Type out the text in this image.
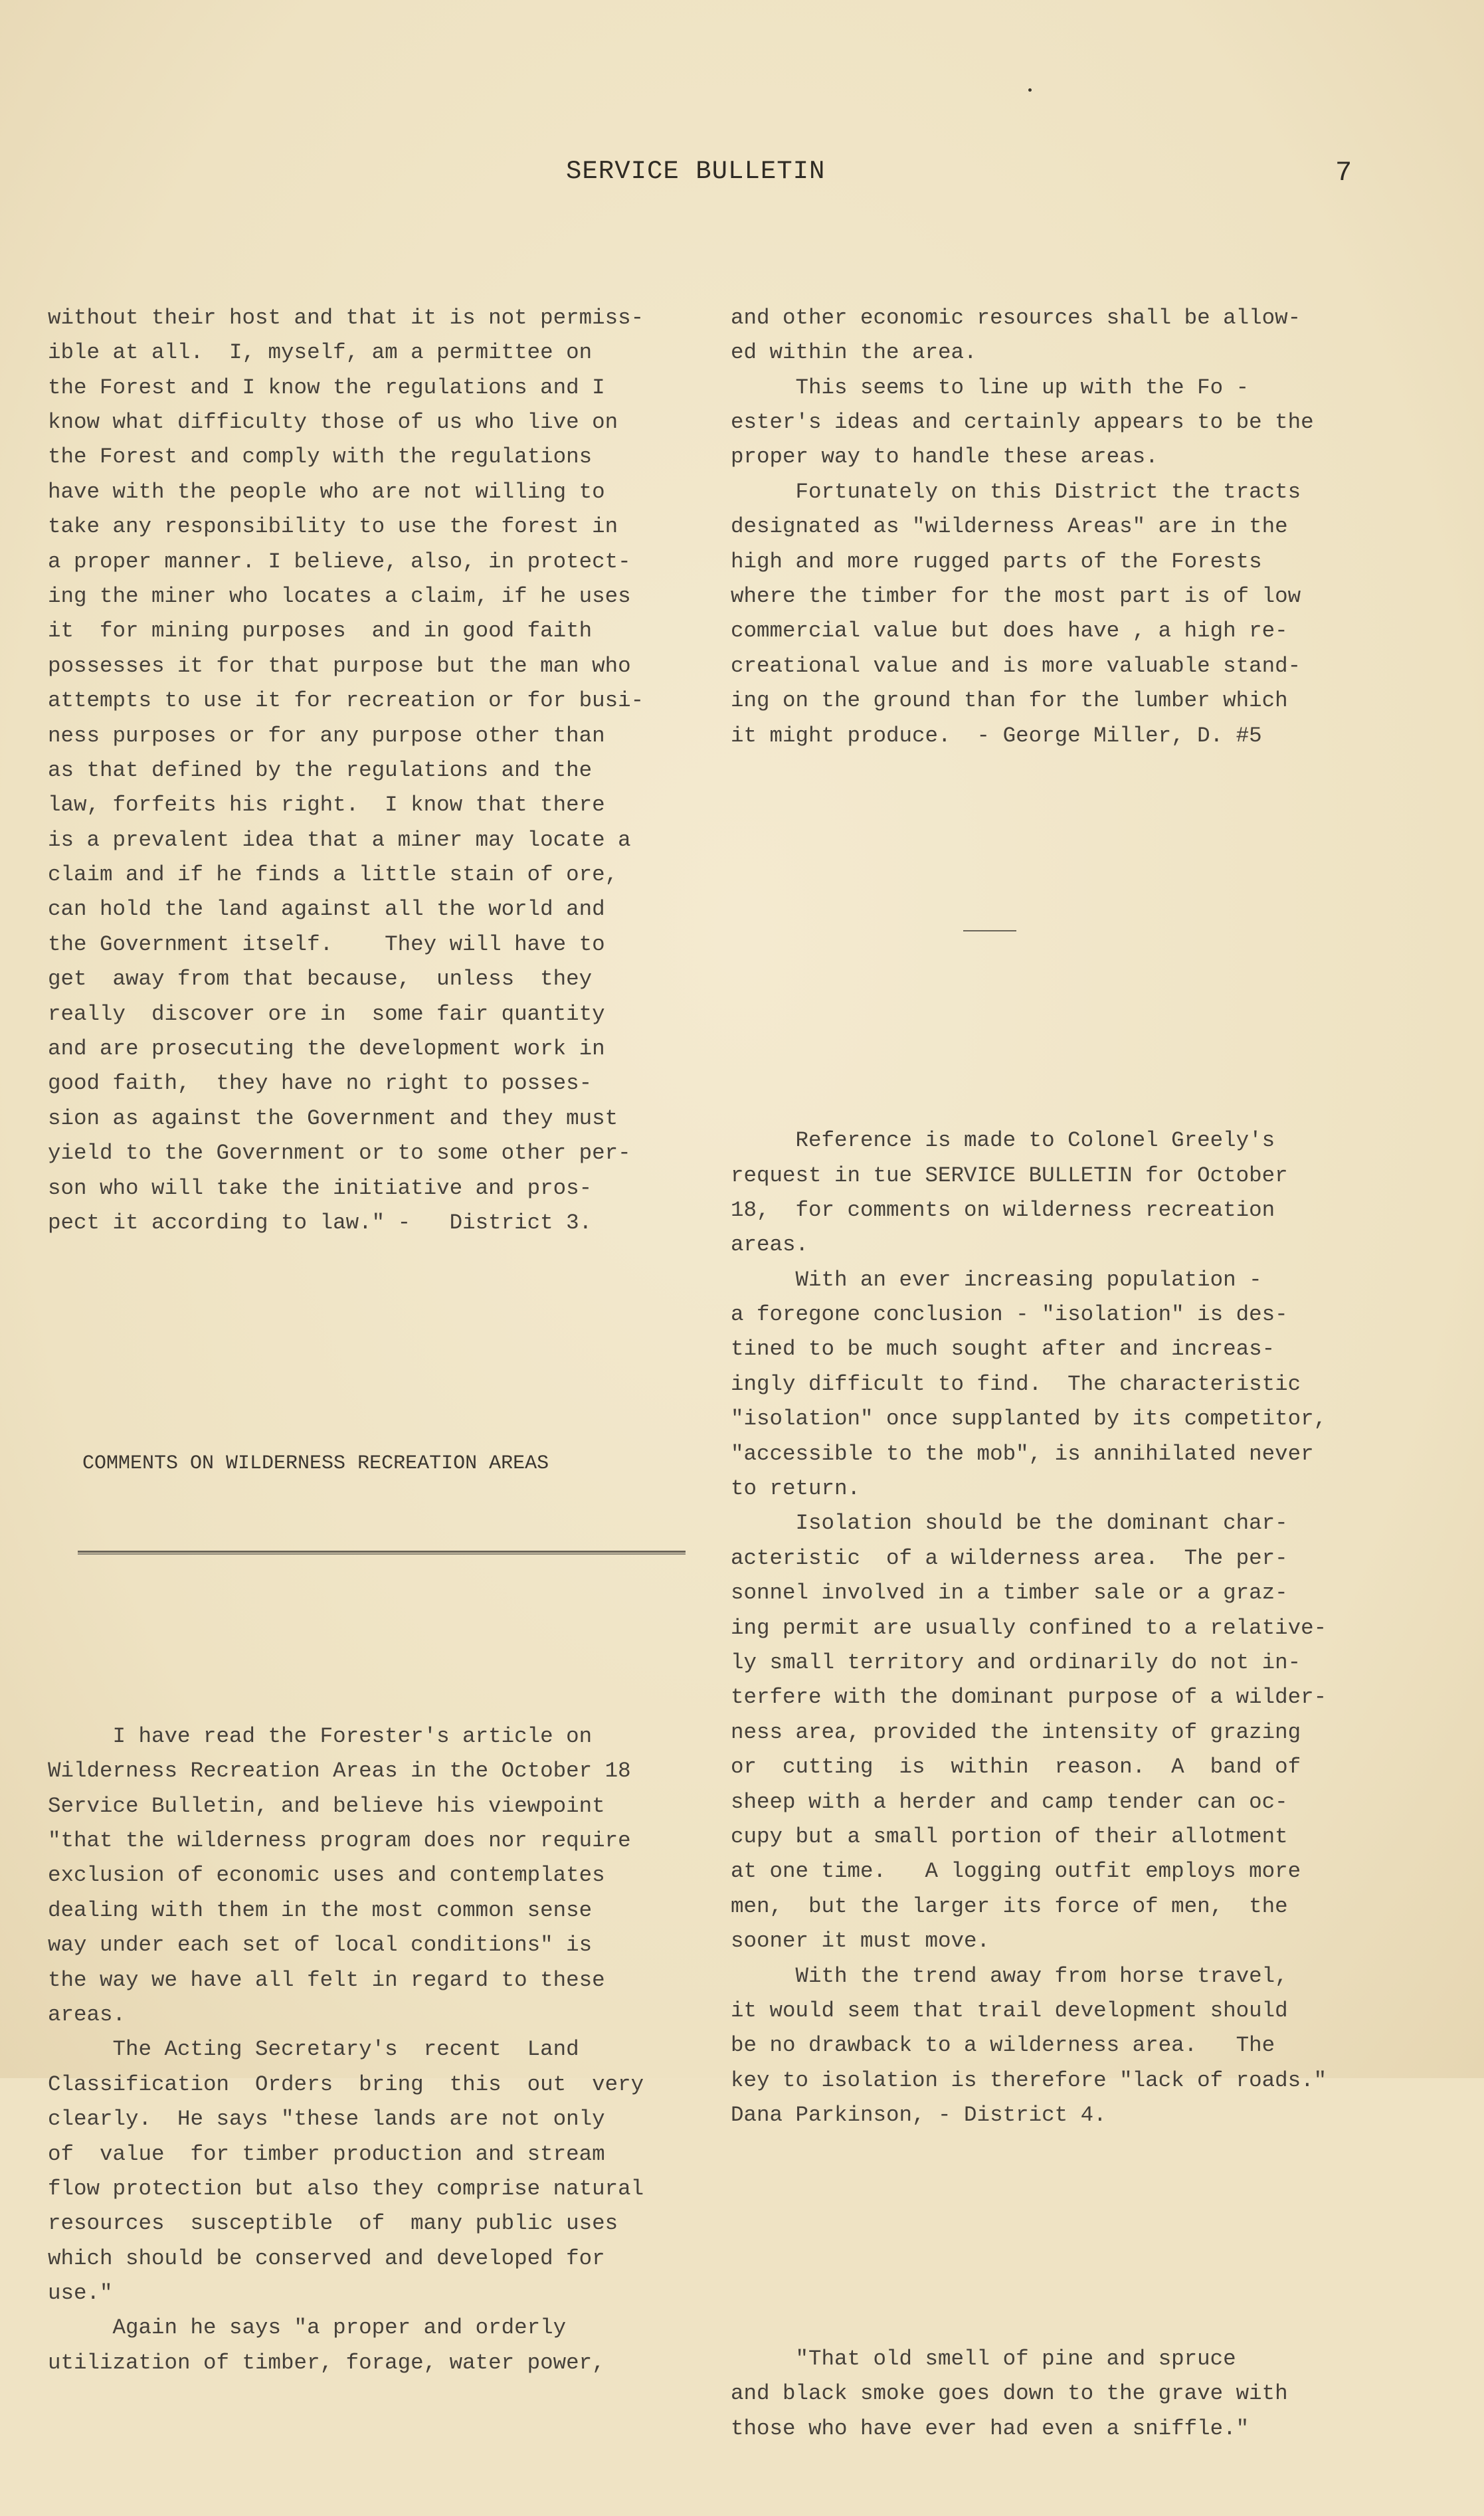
SERVICE BULLETIN	7

without their host and that it is not permiss-
ible at all.  I, myself, am a permittee on
the Forest and I know the regulations and I
know what difficulty those of us who live on
the Forest and comply with the regulations
have with the people who are not willing to
take any responsibility to use the forest in
a proper manner. I believe, also, in protect-
ing the miner who locates a claim, if he uses
it  for mining purposes  and in good faith
possesses it for that purpose but the man who
attempts to use it for recreation or for busi-
ness purposes or for any purpose other than
as that defined by the regulations and the
law, forfeits his right.  I know that there
is a prevalent idea that a miner may locate a
claim and if he finds a little stain of ore,
can hold the land against all the world and
the Government itself.    They will have to
get  away from that because,  unless  they
really  discover ore in  some fair quantity
and are prosecuting the development work in
good faith,  they have no right to posses-
sion as against the Government and they must
yield to the Government or to some other per-
son who will take the initiative and pros-
pect it according to law." -   District 3.

COMMENTS ON WILDERNESS RECREATION AREAS

I have read the Forester's article on
Wilderness Recreation Areas in the October 18
Service Bulletin, and believe his viewpoint
"that the wilderness program does nor require
exclusion of economic uses and contemplates
dealing with them in the most common sense
way under each set of local conditions" is
the way we have all felt in regard to these
areas.
The Acting Secretary's  recent  Land
Classification  Orders  bring  this  out  very
clearly.  He says "these lands are not only
of  value  for timber production and stream
flow protection but also they comprise natural
resources  susceptible  of  many public uses
which should be conserved and developed for
use."
Again he says "a proper and orderly
utilization of timber, forage, water power,

and other economic resources shall be allow-
ed within the area.
This seems to line up with the Fo -
ester's ideas and certainly appears to be the
proper way to handle these areas.
Fortunately on this District the tracts
designated as "wilderness Areas" are in the
high and more rugged parts of the Forests
where the timber for the most part is of low
commercial value but does have , a high re-
creational value and is more valuable stand-
ing on the ground than for the lumber which
it might produce.  - George Miller, D. #5

Reference is made to Colonel Greely's
request in tue SERVICE BULLETIN for October
18,  for comments on wilderness recreation
areas.
With an ever increasing population -
a foregone conclusion - "isolation" is des-
tined to be much sought after and increas-
ingly difficult to find.  The characteristic
"isolation" once supplanted by its competitor,
"accessible to the mob", is annihilated never
to return.
Isolation should be the dominant char-
acteristic  of a wilderness area.  The per-
sonnel involved in a timber sale or a graz-
ing permit are usually confined to a relative-
ly small territory and ordinarily do not in-
terfere with the dominant purpose of a wilder-
ness area, provided the intensity of grazing
or  cutting  is  within  reason.  A  band of
sheep with a herder and camp tender can oc-
cupy but a small portion of their allotment
at one time.   A logging outfit employs more
men,  but the larger its force of men,  the
sooner it must move.
With the trend away from horse travel,
it would seem that trail development should
be no drawback to a wilderness area.   The
key to isolation is therefore "lack of roads."
Dana Parkinson, - District 4.

"That old smell of pine and spruce
and black smoke goes down to the grave with
those who have ever had even a sniffle."
